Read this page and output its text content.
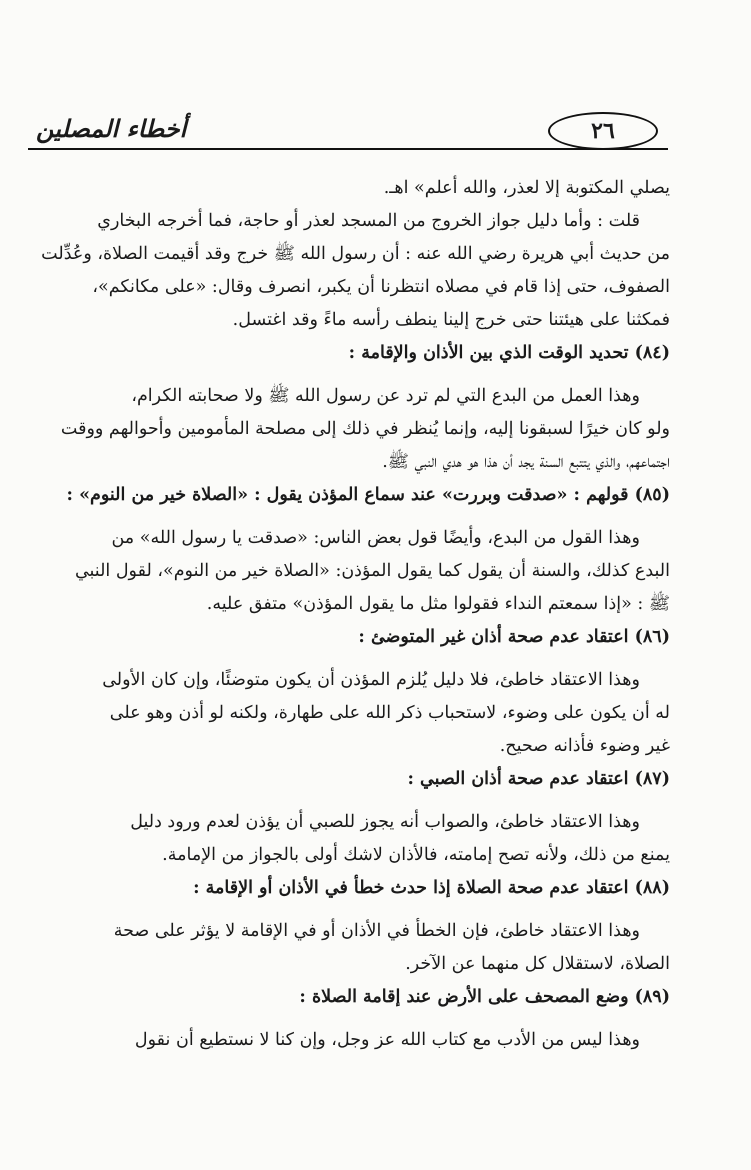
أخطاء المصلين	٢٦
يصلي المكتوبة إلا لعذر، والله أعلم» اهـ.
قلت : وأما دليل جواز الخروج من المسجد لعذر أو حاجة، فما أخرجه البخاري
من حديث أبي هريرة رضي الله عنه : أن رسول الله ﷺ خرج وقد أقيمت الصلاة، وعُدِّلت
الصفوف، حتى إذا قام في مصلاه انتظرنا أن يكبر، انصرف وقال: «على مكانكم»،
فمكثنا على هيئتنا حتى خرج إلينا ينطف رأسه ماءً وقد اغتسل.
(٨٤) تحديد الوقت الذي بين الأذان والإقامة :
وهذا العمل من البدع التي لم ترد عن رسول الله ﷺ ولا صحابته الكرام،
ولو كان خيرًا لسبقونا إليه، وإنما يُنظر في ذلك إلى مصلحة المأمومين وأحوالهم ووقت
اجتماعهم، والذي يتتبع السنة يجد أن هذا هو هدي النبي ﷺ.
(٨٥) قولهم : «صدقت وبررت» عند سماع المؤذن يقول : «الصلاة خير من النوم» :
وهذا القول من البدع، وأيضًا قول بعض الناس: «صدقت يا رسول الله» من
البدع كذلك، والسنة أن يقول كما يقول المؤذن: «الصلاة خير من النوم»، لقول النبي
ﷺ : «إذا سمعتم النداء فقولوا مثل ما يقول المؤذن» متفق عليه.
(٨٦) اعتقاد عدم صحة أذان غير المتوضئ :
وهذا الاعتقاد خاطئ، فلا دليل يُلزم المؤذن أن يكون متوضئًا، وإن كان الأولى
له أن يكون على وضوء، لاستحباب ذكر الله على طهارة، ولكنه لو أذن وهو على
غير وضوء فأذانه صحيح.
(٨٧) اعتقاد عدم صحة أذان الصبي :
وهذا الاعتقاد خاطئ، والصواب أنه يجوز للصبي أن يؤذن لعدم ورود دليل
يمنع من ذلك، ولأنه تصح إمامته، فالأذان لاشك أولى بالجواز من الإمامة.
(٨٨) اعتقاد عدم صحة الصلاة إذا حدث خطأ في الأذان أو الإقامة :
وهذا الاعتقاد خاطئ، فإن الخطأ في الأذان أو في الإقامة لا يؤثر على صحة
الصلاة، لاستقلال كل منهما عن الآخر.
(٨٩) وضع المصحف على الأرض عند إقامة الصلاة :
وهذا ليس من الأدب مع كتاب الله عز وجل، وإن كنا لا نستطيع أن نقول
